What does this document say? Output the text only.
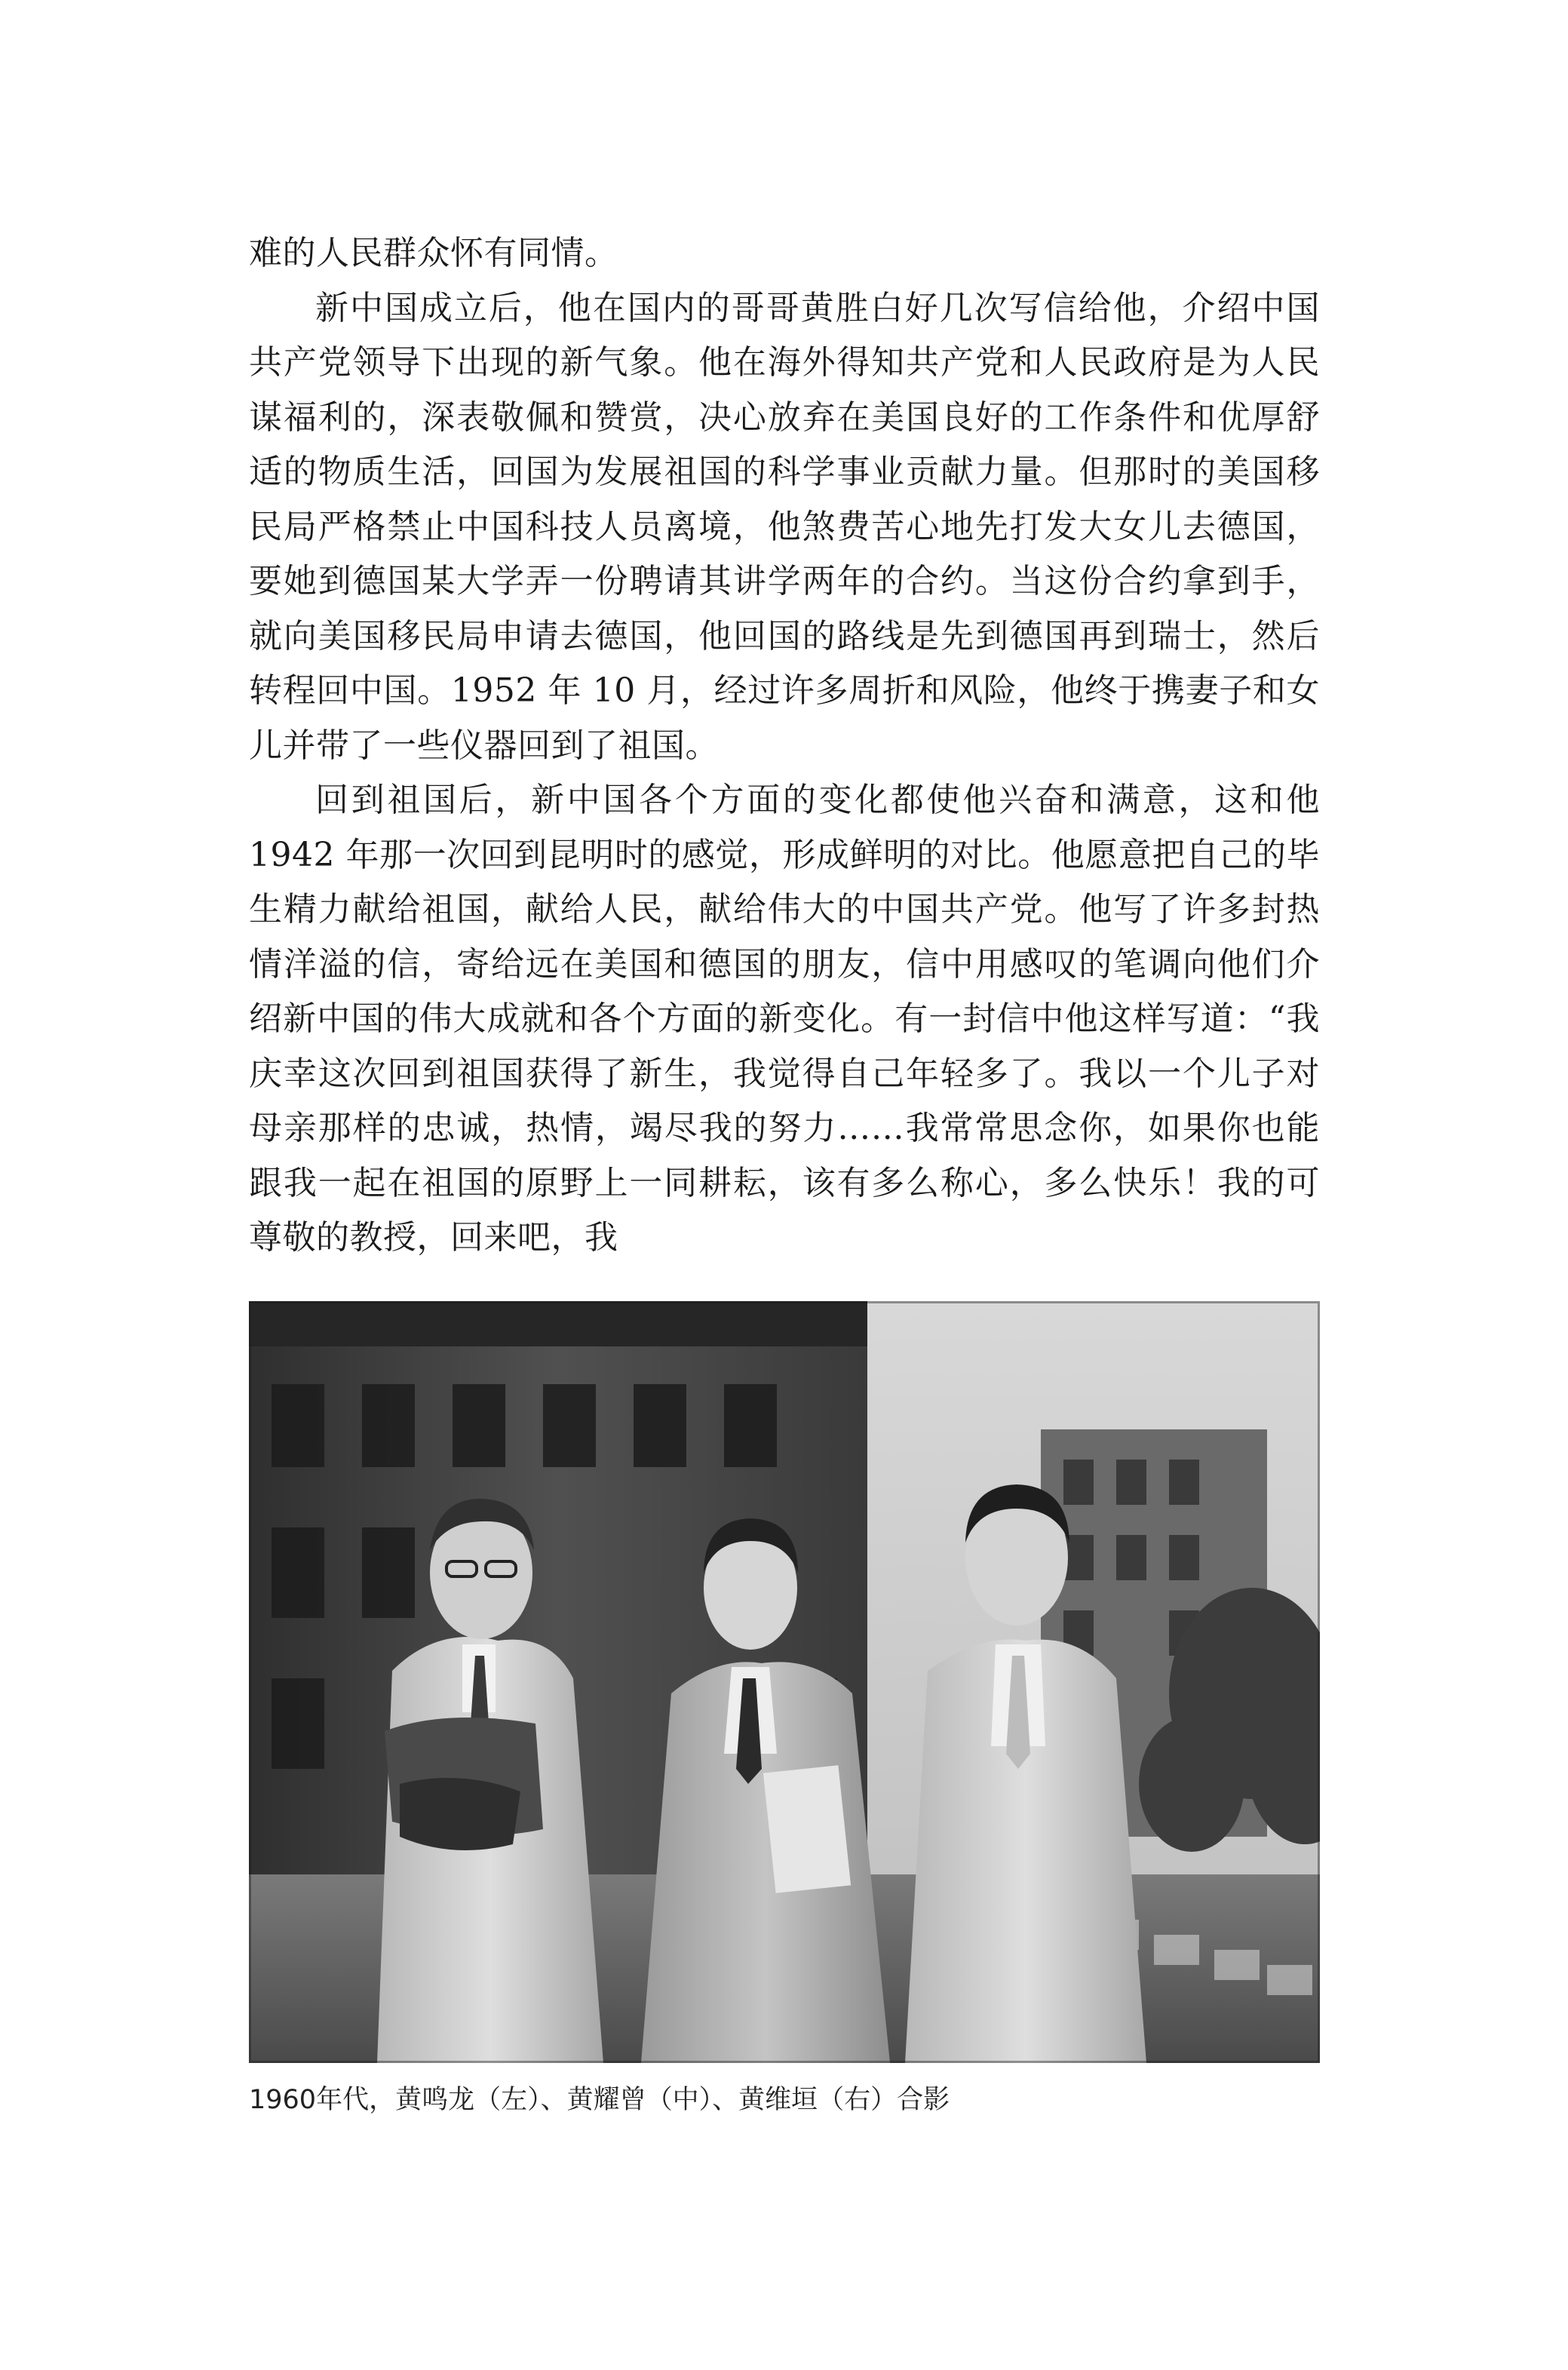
难的人民群众怀有同情。

新中国成立后，他在国内的哥哥黄胜白好几次写信给他，介绍中国共产党领导下出现的新气象。他在海外得知共产党和人民政府是为人民谋福利的，深表敬佩和赞赏，决心放弃在美国良好的工作条件和优厚舒适的物质生活，回国为发展祖国的科学事业贡献力量。但那时的美国移民局严格禁止中国科技人员离境，他煞费苦心地先打发大女儿去德国，要她到德国某大学弄一份聘请其讲学两年的合约。当这份合约拿到手，就向美国移民局申请去德国，他回国的路线是先到德国再到瑞士，然后转程回中国。1952 年 10 月，经过许多周折和风险，他终于携妻子和女儿并带了一些仪器回到了祖国。

回到祖国后，新中国各个方面的变化都使他兴奋和满意，这和他 1942 年那一次回到昆明时的感觉，形成鲜明的对比。他愿意把自己的毕生精力献给祖国，献给人民，献给伟大的中国共产党。他写了许多封热情洋溢的信，寄给远在美国和德国的朋友，信中用感叹的笔调向他们介绍新中国的伟大成就和各个方面的新变化。有一封信中他这样写道：“我庆幸这次回到祖国获得了新生，我觉得自己年轻多了。我以一个儿子对母亲那样的忠诚，热情，竭尽我的努力……我常常思念你，如果你也能跟我一起在祖国的原野上一同耕耘，该有多么称心，多么快乐！我的可尊敬的教授，回来吧，我

1960年代，黄鸣龙（左）、黄耀曾（中）、黄维垣（右）合影
